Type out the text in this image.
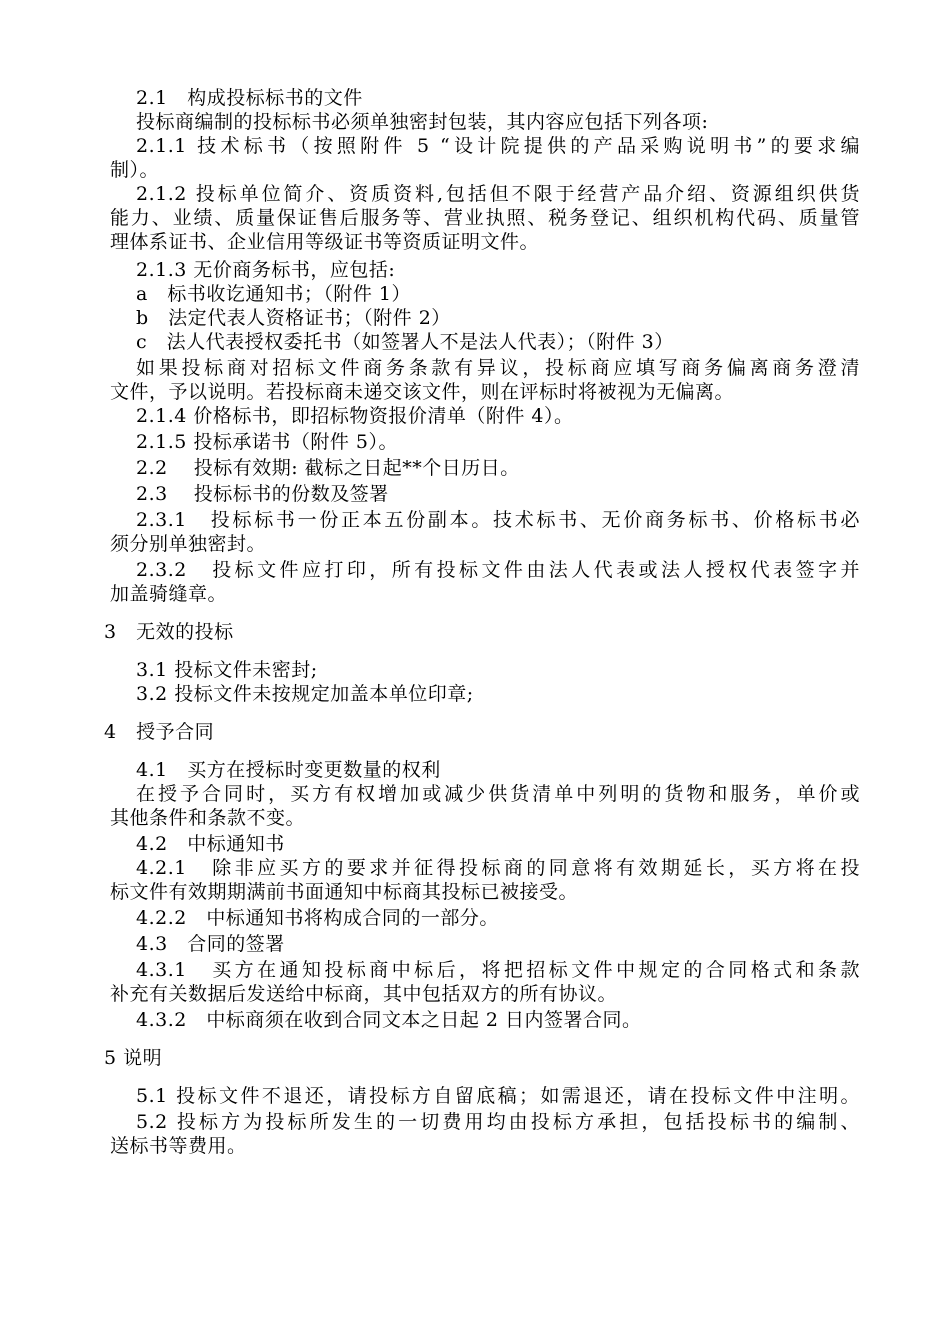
2.1　构成投标标书的文件
投标商编制的投标标书必须单独密封包装，其内容应包括下列各项:
2.1.1 技术标书（按照附件 5 “设计院提供的产品采购说明书”的要求编
制）。
2.1.2 投标单位简介、资质资料,包括但不限于经营产品介绍、资源组织供货
能力、业绩、质量保证售后服务等、营业执照、税务登记、组织机构代码、质量管
理体系证书、企业信用等级证书等资质证明文件。
2.1.3 无价商务标书，应包括:
a　标书收讫通知书；（附件 1）
b　法定代表人资格证书；（附件 2）
c　法人代表授权委托书（如签署人不是法人代表）；（附件 3）
如果投标商对招标文件商务条款有异议，投标商应填写商务偏离商务澄清
文件，予以说明。若投标商未递交该文件，则在评标时将被视为无偏离。
2.1.4 价格标书，即招标物资报价清单（附件 4）。
2.1.5 投标承诺书（附件 5）。
2.2　 投标有效期: 截标之日起**个日历日。
2.3　 投标标书的份数及签署
2.3.1　投标标书一份正本五份副本。技术标书、无价商务标书、价格标书必
须分别单独密封。
2.3.2　投标文件应打印，所有投标文件由法人代表或法人授权代表签字并
加盖骑缝章。
3　无效的投标
3.1 投标文件未密封;
3.2 投标文件未按规定加盖本单位印章;
4　授予合同
4.1　买方在授标时变更数量的权利
在授予合同时，买方有权增加或减少供货清单中列明的货物和服务，单价或
其他条件和条款不变。
4.2　中标通知书
4.2.1　除非应买方的要求并征得投标商的同意将有效期延长，买方将在投
标文件有效期期满前书面通知中标商其投标已被接受。
4.2.2　中标通知书将构成合同的一部分。
4.3　合同的签署
4.3.1　买方在通知投标商中标后，将把招标文件中规定的合同格式和条款
补充有关数据后发送给中标商，其中包括双方的所有协议。
4.3.2　中标商须在收到合同文本之日起 2 日内签署合同。
5 说明
5.1 投标文件不退还，请投标方自留底稿；如需退还，请在投标文件中注明。
5.2 投标方为投标所发生的一切费用均由投标方承担，包括投标书的编制、
送标书等费用。
